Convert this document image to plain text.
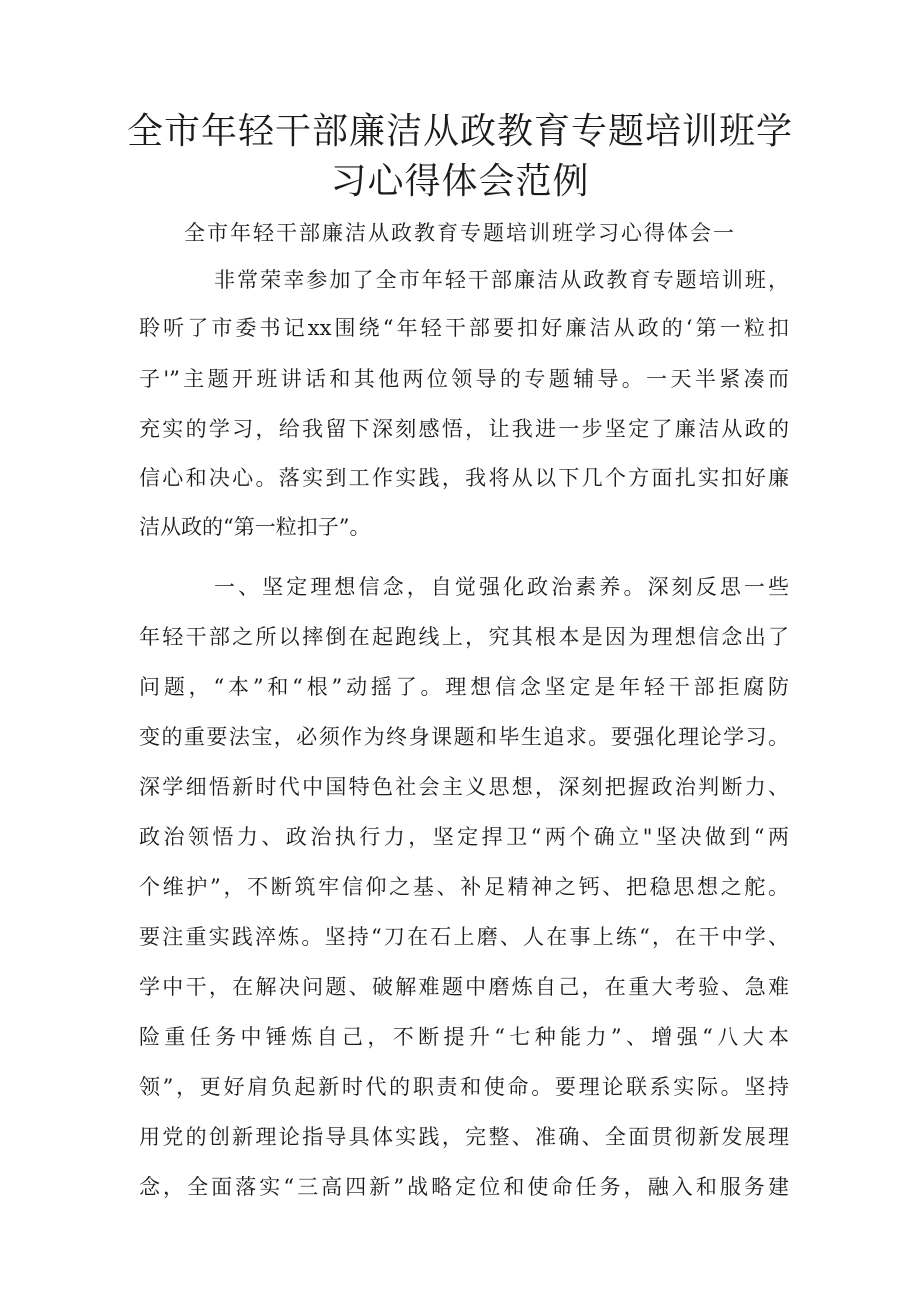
全市年轻干部廉洁从政教育专题培训班学
习心得体会范例

全市年轻干部廉洁从政教育专题培训班学习心得体会一

非常荣幸参加了全市年轻干部廉洁从政教育专题培训班，

聆听了市委书记xx围绕“年轻干部要扣好廉洁从政的‘第一粒扣

子'”主题开班讲话和其他两位领导的专题辅导。一天半紧凑而

充实的学习，给我留下深刻感悟，让我进一步坚定了廉洁从政的

信心和决心。落实到工作实践，我将从以下几个方面扎实扣好廉

洁从政的“第一粒扣子”。

一、坚定理想信念，自觉强化政治素养。深刻反思一些

年轻干部之所以摔倒在起跑线上，究其根本是因为理想信念出了

问题，“本”和“根”动摇了。理想信念坚定是年轻干部拒腐防

变的重要法宝，必须作为终身课题和毕生追求。要强化理论学习。

深学细悟新时代中国特色社会主义思想，深刻把握政治判断力、

政治领悟力、政治执行力，坚定捍卫“两个确立"坚决做到“两

个维护”，不断筑牢信仰之基、补足精神之钙、把稳思想之舵。

要注重实践淬炼。坚持“刀在石上磨、人在事上练“，在干中学、

学中干，在解决问题、破解难题中磨炼自己，在重大考验、急难

险重任务中锤炼自己，不断提升“七种能力”、增强“八大本

领”，更好肩负起新时代的职责和使命。要理论联系实际。坚持

用党的创新理论指导具体实践，完整、准确、全面贯彻新发展理

念，全面落实“三高四新”战略定位和使命任务，融入和服务建
